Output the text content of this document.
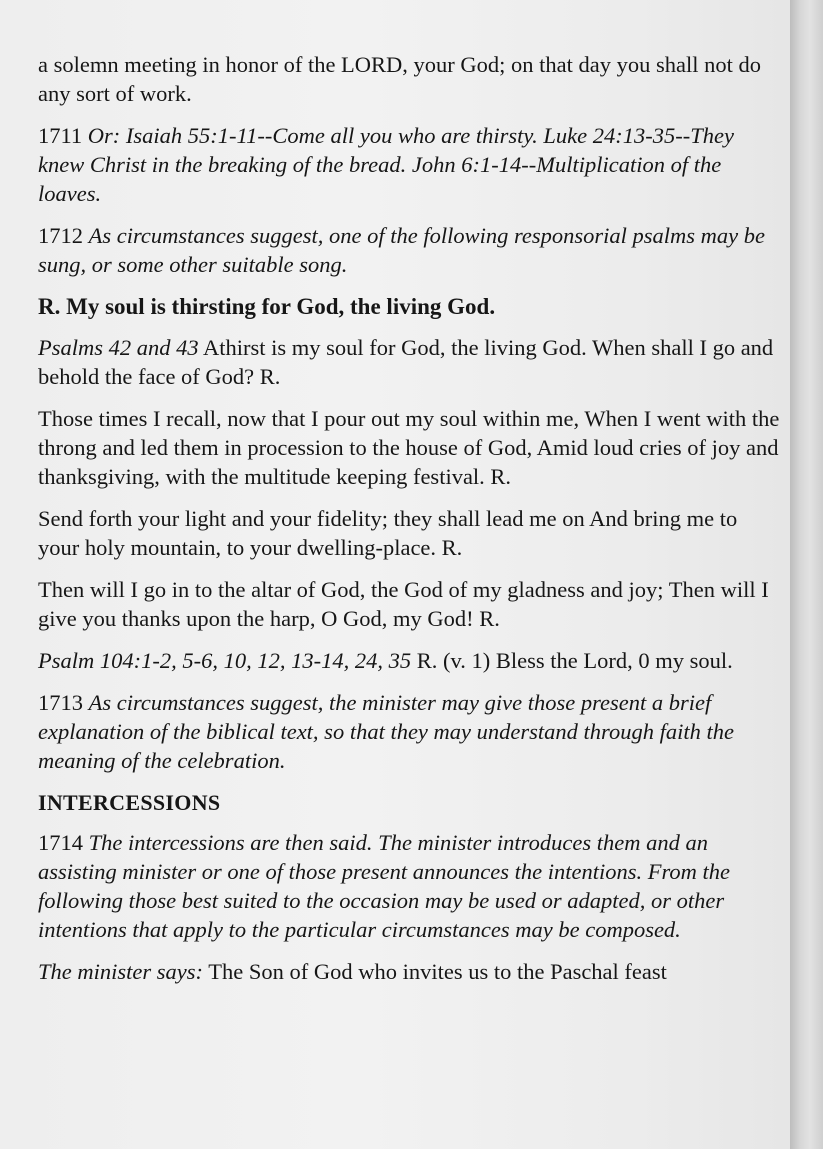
a solemn meeting in honor of the LORD, your God; on that day you shall not do any sort of work.

1711 Or: Isaiah 55:1-11--Come all you who are thirsty. Luke 24:13-35--They knew Christ in the breaking of the bread. John 6:1-14--Multiplication of the loaves.

1712 As circumstances suggest, one of the following responsorial psalms may be sung, or some other suitable song.

R. My soul is thirsting for God, the living God.

Psalms 42 and 43 Athirst is my soul for God, the living God. When shall I go and behold the face of God? R.

Those times I recall, now that I pour out my soul within me, When I went with the throng and led them in procession to the house of God, Amid loud cries of joy and thanksgiving, with the multitude keeping festival. R.

Send forth your light and your fidelity; they shall lead me on And bring me to your holy mountain, to your dwelling-place. R.

Then will I go in to the altar of God, the God of my gladness and joy; Then will I give you thanks upon the harp, O God, my God! R.

Psalm 104:1-2, 5-6, 10, 12, 13-14, 24, 35 R. (v. 1) Bless the Lord, 0 my soul.

1713 As circumstances suggest, the minister may give those present a brief explanation of the biblical text, so that they may understand through faith the meaning of the celebration.

INTERCESSIONS

1714 The intercessions are then said. The minister introduces them and an assisting minister or one of those present announces the intentions. From the following those best suited to the occasion may be used or adapted, or other intentions that apply to the particular circumstances may be composed.

The minister says: The Son of God who invites us to the Paschal feast
